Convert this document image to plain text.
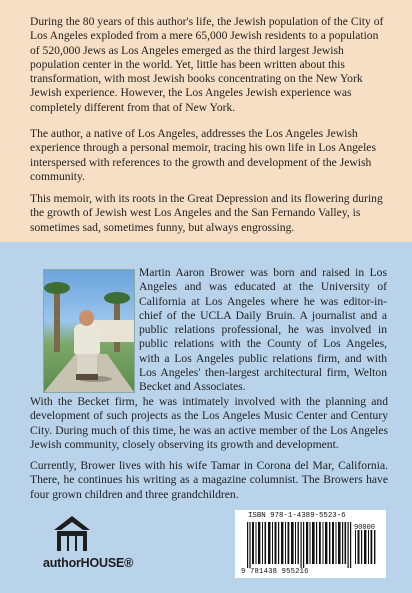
During the 80 years of this author's life, the Jewish population of the City of Los Angeles exploded from a mere 65,000 Jewish residents to a population of 520,000 Jews as Los Angeles emerged as the third largest Jewish population center in the world. Yet, little has been written about this transformation, with most Jewish books concentrating on the New York Jewish experience. However, the Los Angeles Jewish experience was completely different from that of New York.

The author, a native of Los Angeles, addresses the Los Angeles Jewish experience through a personal memoir, tracing his own life in Los Angeles interspersed with references to the growth and development of the Jewish community.

This memoir, with its roots in the Great Depression and its flowering during the growth of Jewish west Los Angeles and the San Fernando Valley, is sometimes sad, sometimes funny, but always engrossing.

Martin Aaron Brower was born and raised in Los Angeles and was educated at the University of California at Los Angeles where he was editor-in-chief of the UCLA Daily Bruin. A journalist and a public relations professional, he was involved in public relations with the County of Los Angeles, with a Los Angeles public relations firm, and with Los Angeles' then-largest architectural firm, Welton Becket and Associates.

With the Becket firm, he was intimately involved with the planning and development of such projects as the Los Angeles Music Center and Century City. During much of this time, he was an active member of the Los Angeles Jewish community, closely observing its growth and development.

Currently, Brower lives with his wife Tamar in Corona del Mar, California. There, he continues his writing as a magazine columnist. The Browers have four grown children and three grandchildren.

authorHOUSE®
ISBN 978-1-4389-5523-6
90000
9 781438 955216
